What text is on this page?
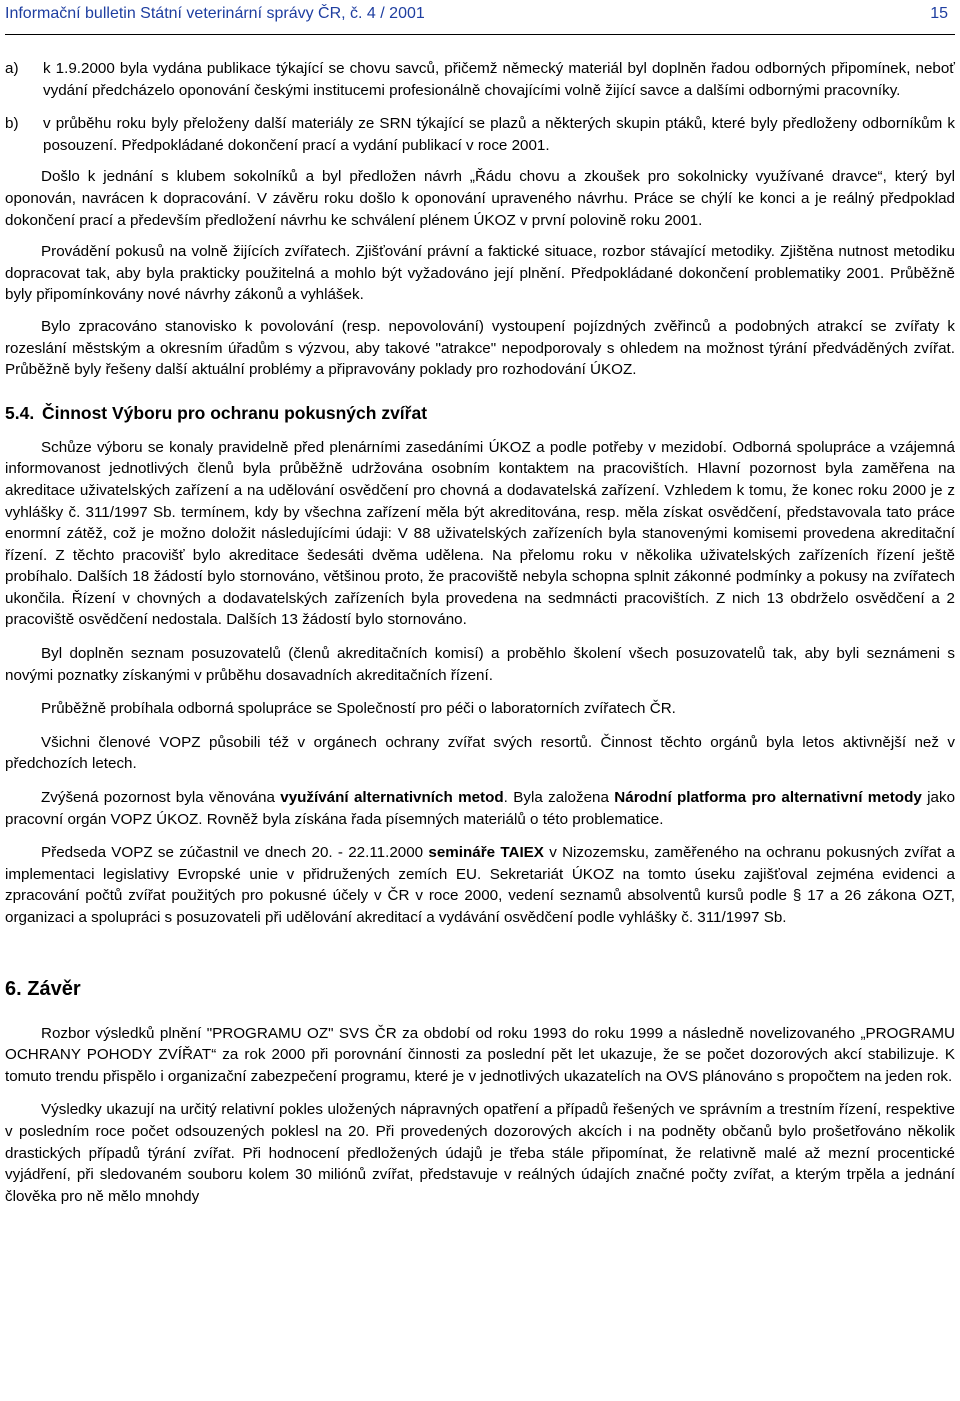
Informační bulletin Státní veterinární správy ČR, č. 4 / 2001	15
a)	k 1.9.2000 byla vydána publikace týkající se chovu savců, přičemž německý materiál byl doplněn řadou odborných připomínek, neboť vydání předcházelo oponování českými institucemi profesionálně chovajícími volně žijící savce a dalšími odbornými pracovníky.
b)	v průběhu roku byly přeloženy další materiály ze SRN týkající se plazů a některých skupin ptáků, které byly předloženy odborníkům k posouzení. Předpokládané dokončení prací a vydání publikací v roce 2001.

Došlo k jednání s klubem sokolníků a byl předložen návrh „Řádu chovu a zkoušek pro sokolnicky využívané dravce“, který byl oponován, navrácen k dopracování. V závěru roku došlo k oponování upraveného návrhu. Práce se chýlí ke konci a je reálný předpoklad dokončení prací a především předložení návrhu ke schválení plénem ÚKOZ v první polovině roku 2001.

Provádění pokusů na volně žijících zvířatech. Zjišťování právní a faktické situace, rozbor stávající metodiky. Zjištěna nutnost metodiku dopracovat tak, aby byla prakticky použitelná a mohlo být vyžadováno její plnění. Předpokládané dokončení problematiky 2001. Průběžně byly připomínkovány nové návrhy zákonů a vyhlášek.

Bylo zpracováno stanovisko k povolování (resp. nepovolování) vystoupení pojízdných zvěřinců a podobných atrakcí se zvířaty k rozeslání městským a okresním úřadům s výzvou, aby takové "atrakce" nepodporovaly s ohledem na možnost týrání předváděných zvířat. Průběžně byly řešeny další aktuální problémy a připravovány poklady pro rozhodování ÚKOZ.

5.4. Činnost Výboru pro ochranu pokusných zvířat

Schůze výboru se konaly pravidelně před plenárními zasedáními ÚKOZ a podle potřeby v mezidobí. Odborná spolupráce a vzájemná informovanost jednotlivých členů byla průběžně udržována osobním kontaktem na pracovištích. Hlavní pozornost byla zaměřena na akreditace uživatelských zařízení a na udělování osvědčení pro chovná a dodavatelská zařízení. Vzhledem k tomu, že konec roku 2000 je z vyhlášky č. 311/1997 Sb. termínem, kdy by všechna zařízení měla být akreditována, resp. měla získat osvědčení, představovala tato práce enormní zátěž, což je možno doložit následujícími údaji: V 88 uživatelských zařízeních byla stanovenými komisemi provedena akreditační řízení. Z těchto pracovišť bylo akreditace šedesáti dvěma udělena. Na přelomu roku v několika uživatelských zařízeních řízení ještě probíhalo. Dalších 18 žádostí bylo stornováno, většinou proto, že pracoviště nebyla schopna splnit zákonné podmínky a pokusy na zvířatech ukončila. Řízení v chovných a dodavatelských zařízeních byla provedena na sedmnácti pracovištích. Z nich 13 obdrželo osvědčení a 2 pracoviště osvědčení nedostala. Dalších 13 žádostí bylo stornováno.

Byl doplněn seznam posuzovatelů (členů akreditačních komisí) a proběhlo školení všech posuzovatelů tak, aby byli seznámeni s novými poznatky získanými v průběhu dosavadních akreditačních řízení.

Průběžně probíhala odborná spolupráce se Společností pro péči o laboratorních zvířatech ČR.

Všichni členové VOPZ působili též v orgánech ochrany zvířat svých resortů. Činnost těchto orgánů byla letos aktivnější než v předchozích letech.

Zvýšená pozornost byla věnována využívání alternativních metod. Byla založena Národní platforma pro alternativní metody jako pracovní orgán VOPZ ÚKOZ. Rovněž byla získána řada písemných materiálů o této problematice.

Předseda VOPZ se zúčastnil ve dnech 20. - 22.11.2000 semináře TAIEX v Nizozemsku, zaměřeného na ochranu pokusných zvířat a implementaci legislativy Evropské unie v přidružených zemích EU. Sekretariát ÚKOZ na tomto úseku zajišťoval zejména evidenci a zpracování počtů zvířat použitých pro pokusné účely v ČR v roce 2000, vedení seznamů absolventů kursů podle § 17 a 26 zákona OZT, organizaci a spolupráci s posuzovateli při udělování akreditací a vydávání osvědčení podle vyhlášky č. 311/1997 Sb.

6. Závěr

Rozbor výsledků plnění "PROGRAMU OZ" SVS ČR za období od roku 1993 do roku 1999 a následně novelizovaného „PROGRAMU OCHRANY POHODY ZVÍŘAT“ za rok 2000 při porovnání činnosti za poslední pět let ukazuje, že se počet dozorových akcí stabilizuje. K tomuto trendu přispělo i organizační zabezpečení programu, které je v jednotlivých ukazatelích na OVS plánováno s propočtem na jeden rok.

Výsledky ukazují na určitý relativní pokles uložených nápravných opatření a případů řešených ve správním a trestním řízení, respektive v posledním roce počet odsouzených poklesl na 20. Při provedených dozorových akcích i na podněty občanů bylo prošetřováno několik drastických případů týrání zvířat. Při hodnocení předložených údajů je třeba stále připomínat, že relativně malé až mezní procentické vyjádření, při sledovaném souboru kolem 30 miliónů zvířat, představuje v reálných údajích značné počty zvířat, a kterým trpěla a jednání člověka pro ně mělo mnohdy
